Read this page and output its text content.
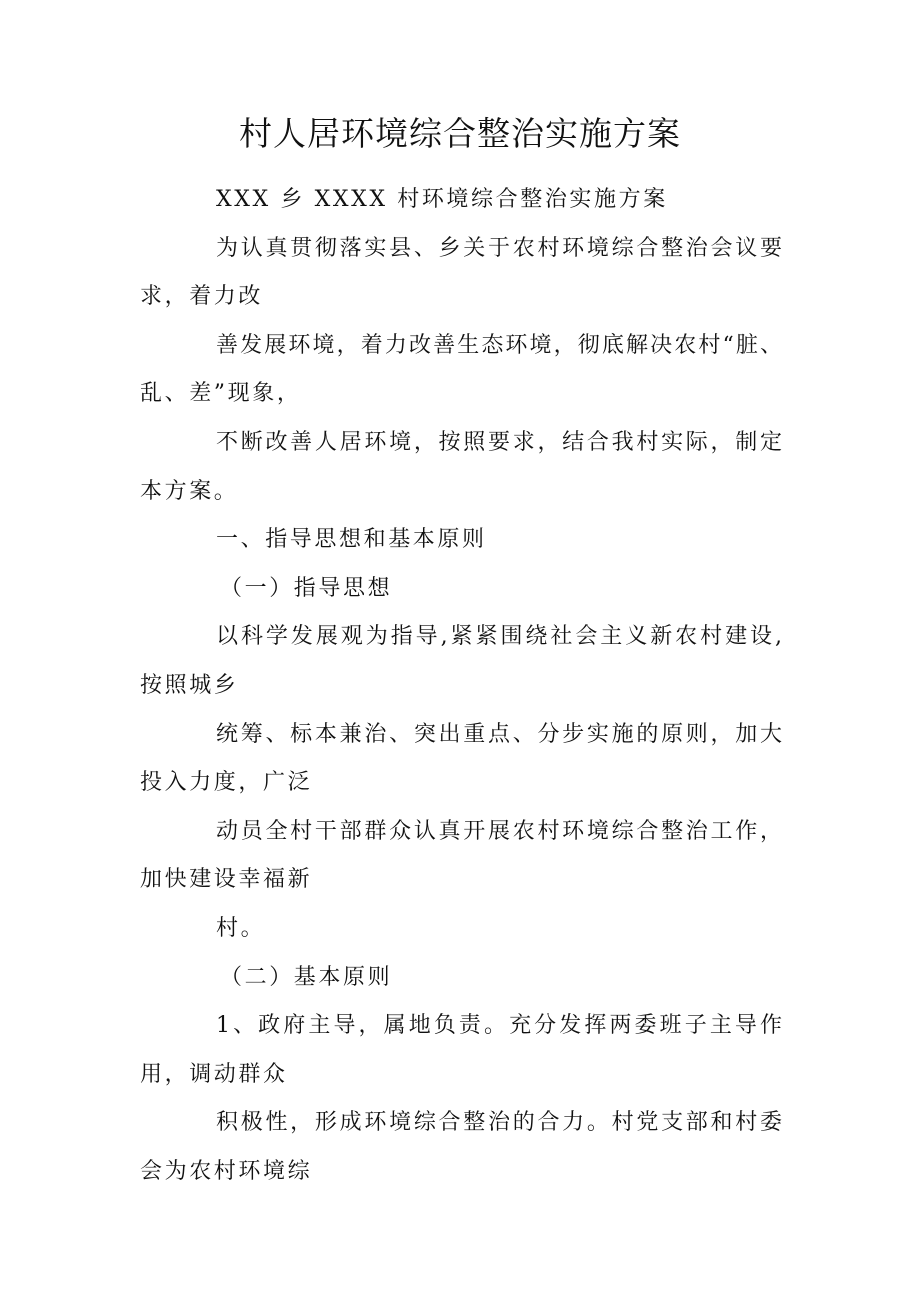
村人居环境综合整治实施方案
XXX 乡 XXXX 村环境综合整治实施方案
为认真贯彻落实县、乡关于农村环境综合整治会议要
求，着力改
善发展环境，着力改善生态环境，彻底解决农村“脏、
乱、差”现象，
不断改善人居环境，按照要求，结合我村实际，制定
本方案。
一、指导思想和基本原则
（一）指导思想
以科学发展观为指导,紧紧围绕社会主义新农村建设,
按照城乡
统筹、标本兼治、突出重点、分步实施的原则，加大
投入力度，广泛
动员全村干部群众认真开展农村环境综合整治工作，
加快建设幸福新
村。
（二）基本原则
1、政府主导，属地负责。充分发挥两委班子主导作
用，调动群众
积极性，形成环境综合整治的合力。村党支部和村委
会为农村环境综
